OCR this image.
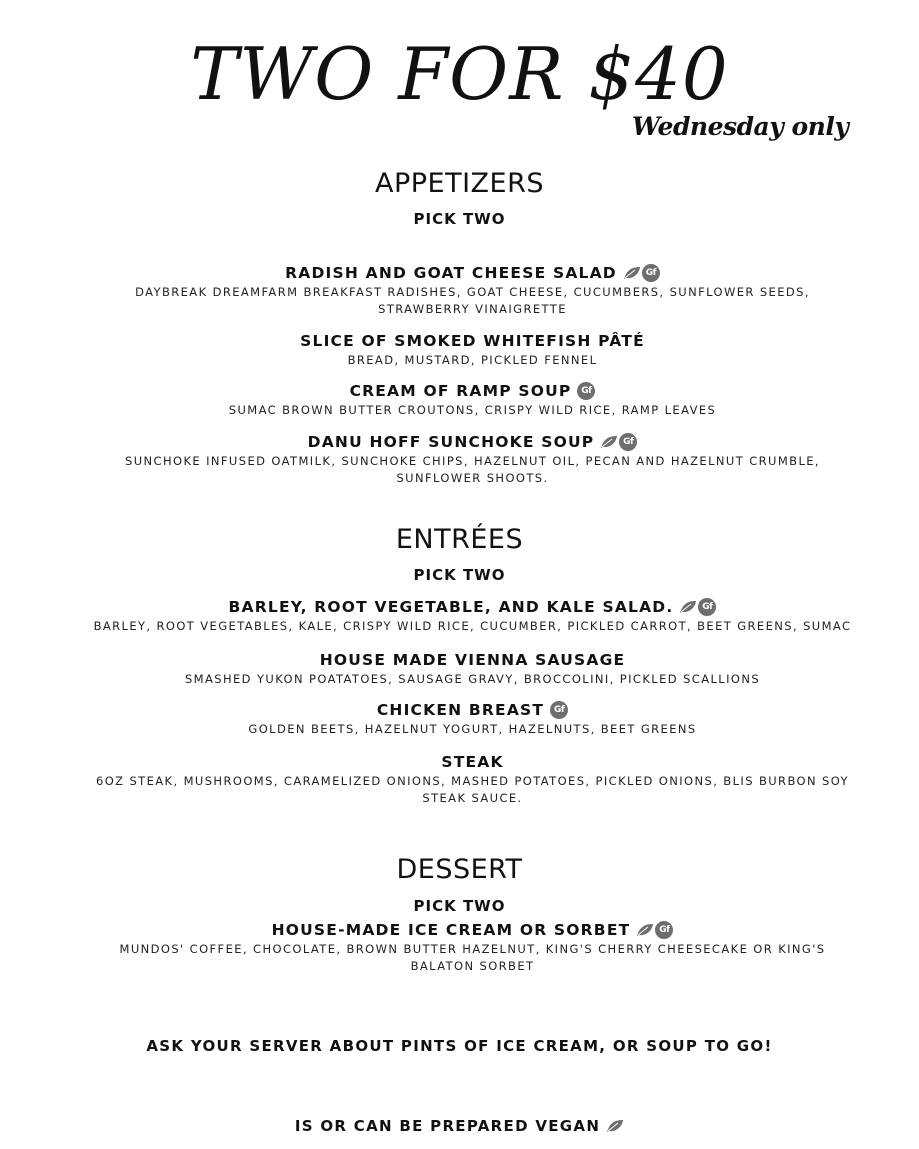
TWO FOR $40
Wednesday only
APPETIZERS
PICK TWO
RADISH AND GOAT CHEESE SALAD	Gf
DAYBREAK DREAMFARM BREAKFAST RADISHES, GOAT CHEESE, CUCUMBERS, SUNFLOWER SEEDS, STRAWBERRY VINAIGRETTE
SLICE OF SMOKED WHITEFISH PÂTÉ
BREAD, MUSTARD, PICKLED FENNEL
CREAM OF RAMP SOUP	Gf
SUMAC BROWN BUTTER CROUTONS, CRISPY WILD RICE, RAMP LEAVES
DANU HOFF SUNCHOKE SOUP	Gf
SUNCHOKE INFUSED OATMILK, SUNCHOKE CHIPS, HAZELNUT OIL, PECAN AND HAZELNUT CRUMBLE, SUNFLOWER SHOOTS.
ENTRÉES
PICK TWO
BARLEY, ROOT VEGETABLE, AND KALE SALAD.	Gf
BARLEY, ROOT VEGETABLES, KALE, CRISPY WILD RICE, CUCUMBER, PICKLED CARROT, BEET GREENS, SUMAC
HOUSE MADE VIENNA SAUSAGE
SMASHED YUKON POATATOES, SAUSAGE GRAVY, BROCCOLINI, PICKLED SCALLIONS
CHICKEN BREAST	Gf
GOLDEN BEETS, HAZELNUT YOGURT, HAZELNUTS, BEET GREENS
STEAK
6OZ STEAK, MUSHROOMS, CARAMELIZED ONIONS, MASHED POTATOES, PICKLED ONIONS, BLIS BURBON SOY STEAK SAUCE.
DESSERT
PICK TWO
HOUSE-MADE ICE CREAM OR SORBET	Gf
MUNDOS' COFFEE, CHOCOLATE, BROWN BUTTER HAZELNUT, KING'S CHERRY CHEESECAKE OR KING'S BALATON SORBET
ASK YOUR SERVER ABOUT PINTS OF ICE CREAM, OR SOUP TO GO!
IS OR CAN BE PREPARED VEGAN
